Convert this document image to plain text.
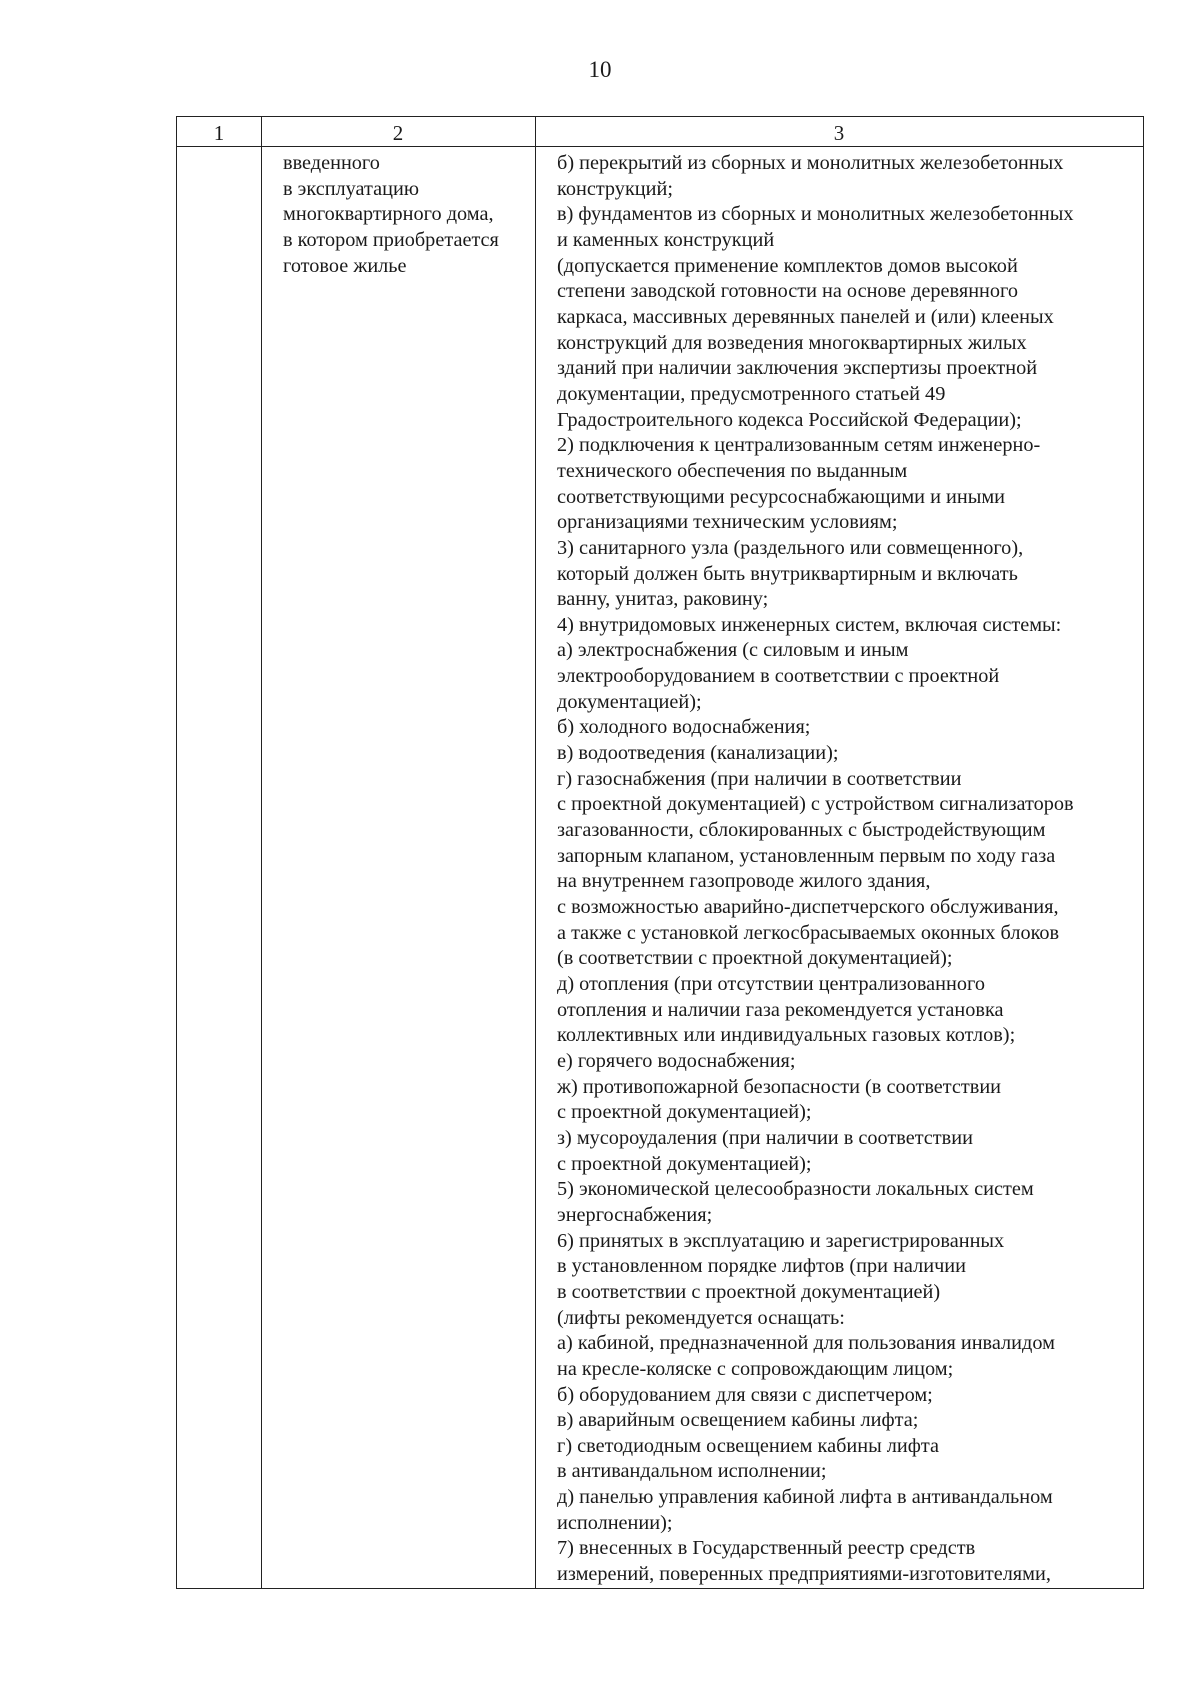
10
1	2	3
введенного
в эксплуатацию
многоквартирного дома,
в котором приобретается
готовое жилье
б) перекрытий из сборных и монолитных железобетонных
конструкций;
в) фундаментов из сборных и монолитных железобетонных
и каменных конструкций
(допускается применение комплектов домов высокой
степени заводской готовности на основе деревянного
каркаса, массивных деревянных панелей и (или) клееных
конструкций для возведения многоквартирных жилых
зданий при наличии заключения экспертизы проектной
документации, предусмотренного статьей 49
Градостроительного кодекса Российской Федерации);
2) подключения к централизованным сетям инженерно-
технического обеспечения по выданным
соответствующими ресурсоснабжающими и иными
организациями техническим условиям;
3) санитарного узла (раздельного или совмещенного),
который должен быть внутриквартирным и включать
ванну, унитаз, раковину;
4) внутридомовых инженерных систем, включая системы:
а) электроснабжения (с силовым и иным
электрооборудованием в соответствии с проектной
документацией);
б) холодного водоснабжения;
в) водоотведения (канализации);
г) газоснабжения (при наличии в соответствии
с проектной документацией) с устройством сигнализаторов
загазованности, сблокированных с быстродействующим
запорным клапаном, установленным первым по ходу газа
на внутреннем газопроводе жилого здания,
с возможностью аварийно-диспетчерского обслуживания,
а также с установкой легкосбрасываемых оконных блоков
(в соответствии с проектной документацией);
д) отопления (при отсутствии централизованного
отопления и наличии газа рекомендуется установка
коллективных или индивидуальных газовых котлов);
е) горячего водоснабжения;
ж) противопожарной безопасности (в соответствии
с проектной документацией);
з) мусороудаления (при наличии в соответствии
с проектной документацией);
5) экономической целесообразности локальных систем
энергоснабжения;
6) принятых в эксплуатацию и зарегистрированных
в установленном порядке лифтов (при наличии
в соответствии с проектной документацией)
(лифты рекомендуется оснащать:
а) кабиной, предназначенной для пользования инвалидом
на кресле-коляске с сопровождающим лицом;
б) оборудованием для связи с диспетчером;
в) аварийным освещением кабины лифта;
г) светодиодным освещением кабины лифта
в антивандальном исполнении;
д) панелью управления кабиной лифта в антивандальном
исполнении);
7) внесенных в Государственный реестр средств
измерений, поверенных предприятиями-изготовителями,
